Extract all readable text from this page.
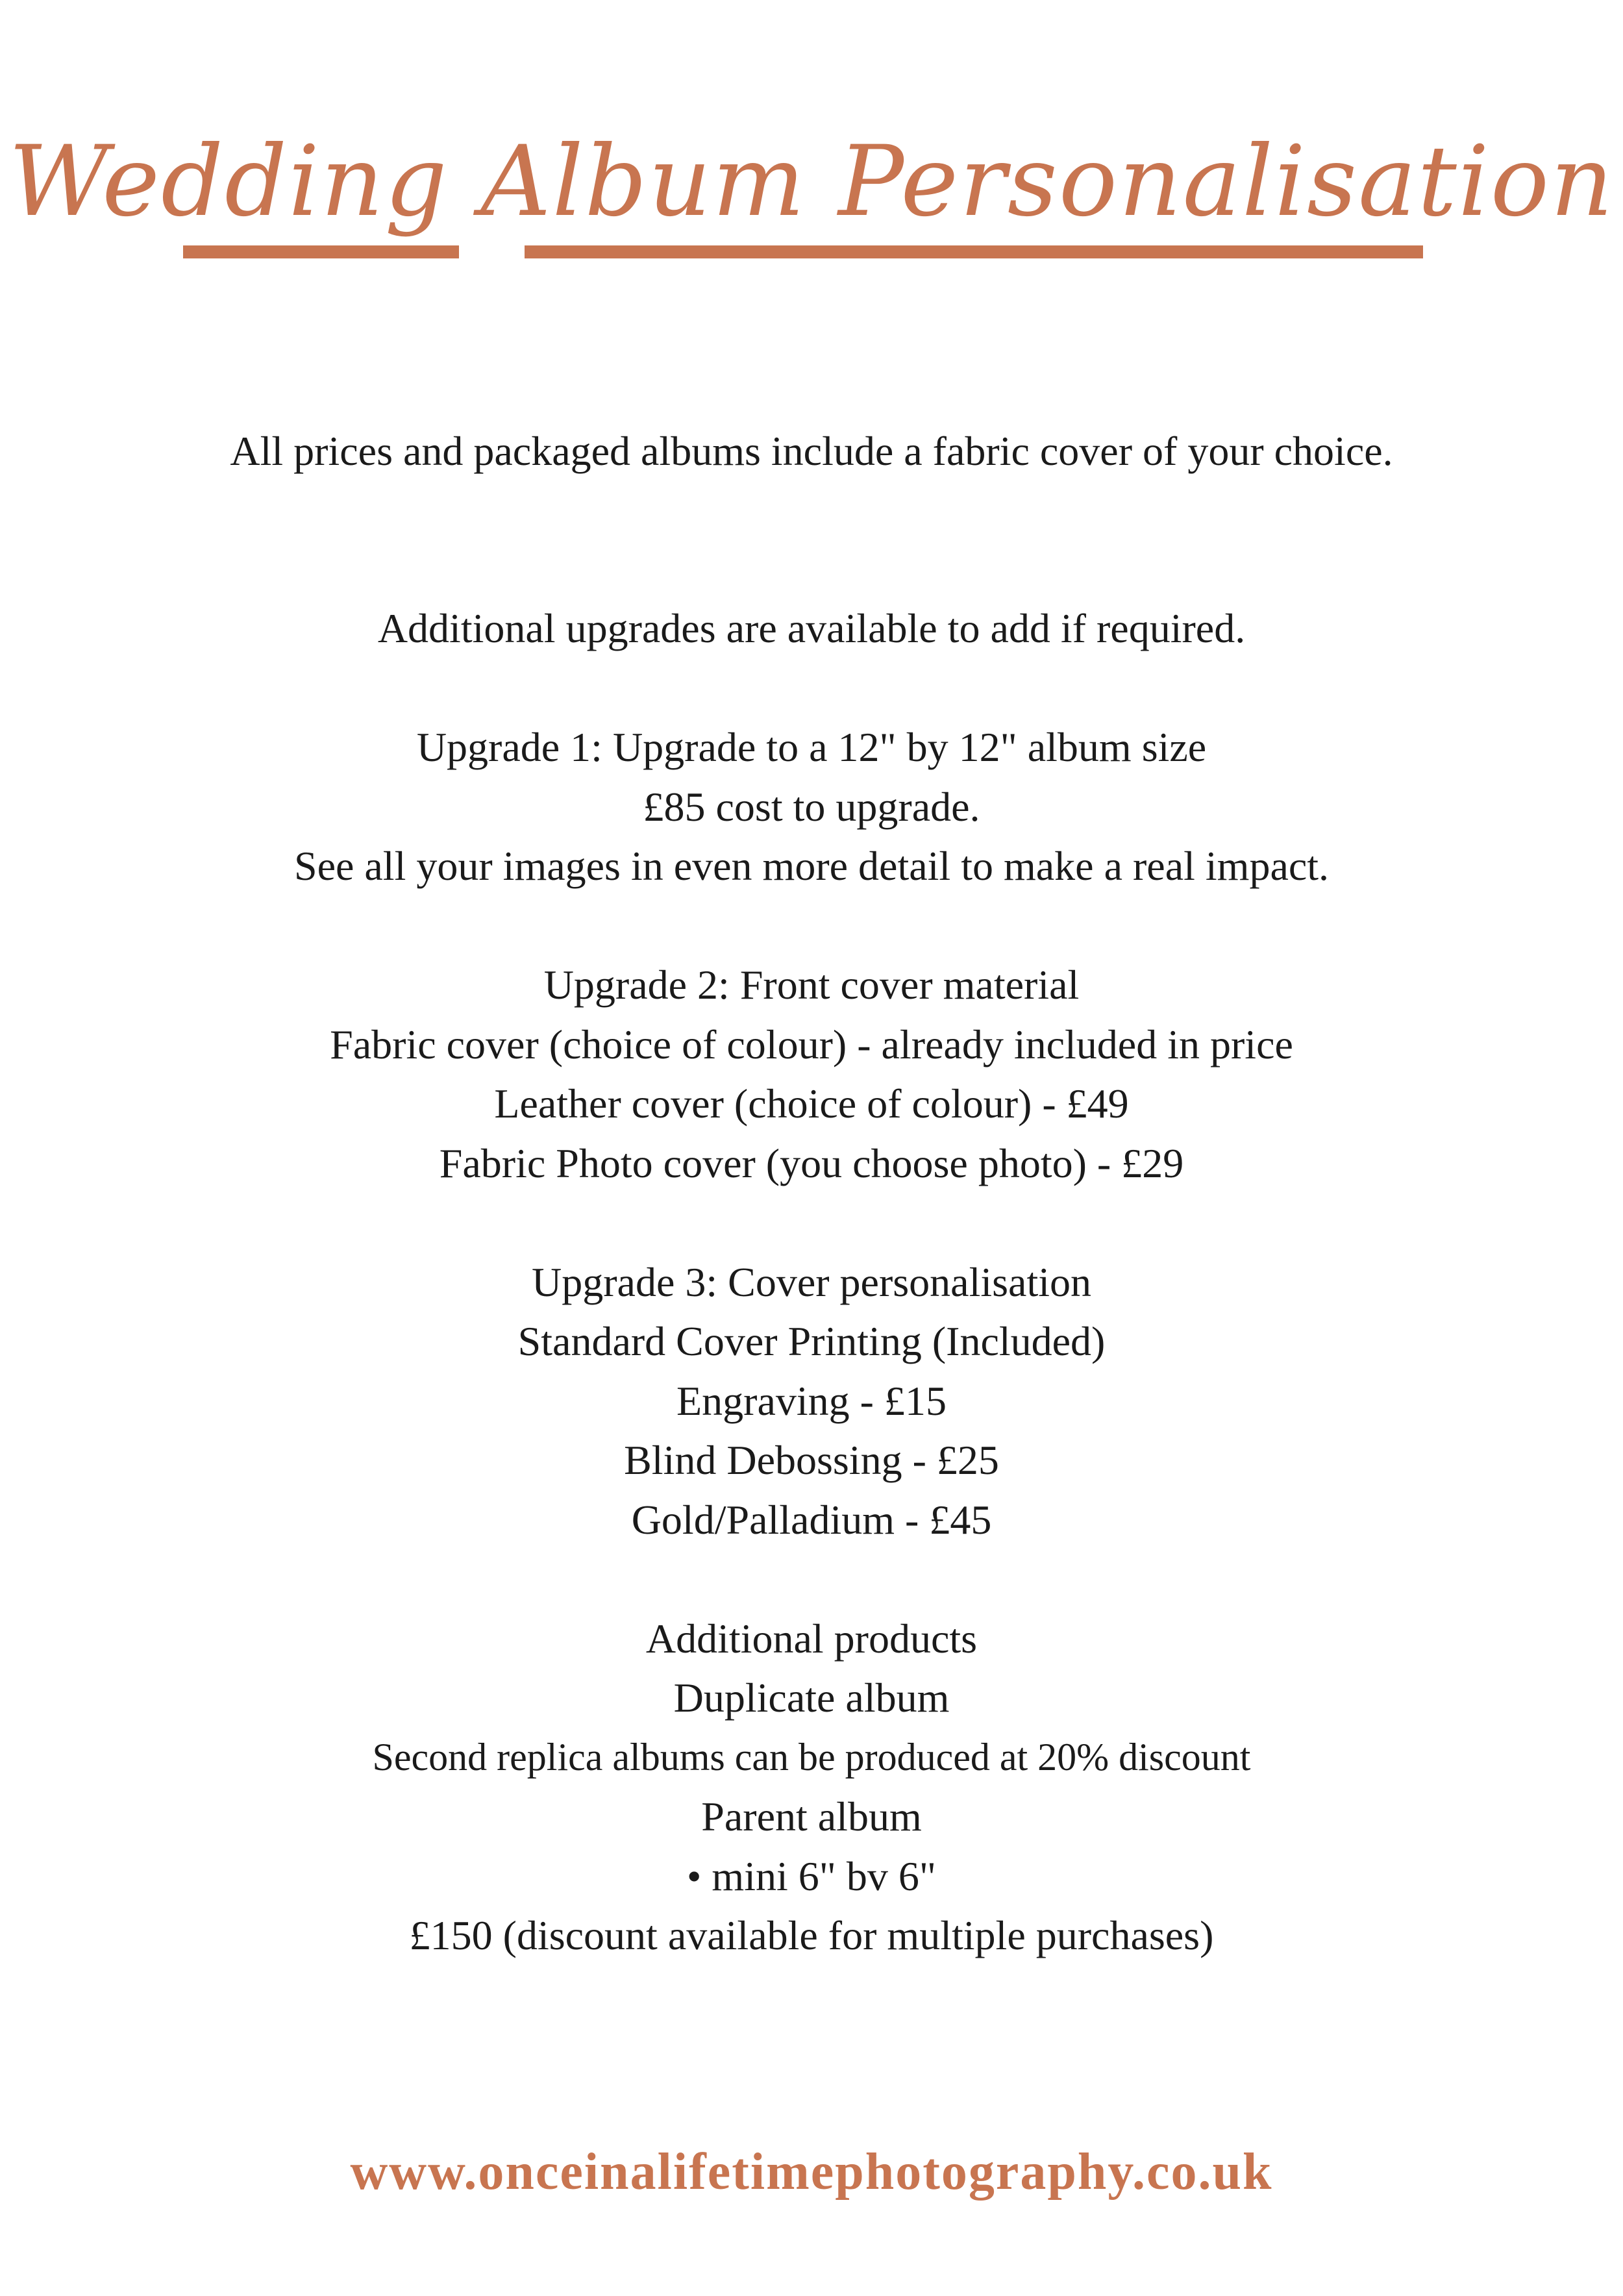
Wedding Album Personalisation
All prices and packaged albums include a fabric cover of your choice.
Additional upgrades are available to add if required.
Upgrade 1: Upgrade to a 12" by 12" album size
£85 cost to upgrade.
See all your images in even more detail to make a real impact.
Upgrade 2: Front cover material
Fabric cover (choice of colour) - already included in price
Leather cover (choice of colour) - £49
Fabric Photo cover (you choose photo) - £29
Upgrade 3: Cover personalisation
Standard Cover Printing (Included)
Engraving - £15
Blind Debossing - £25
Gold/Palladium - £45
Additional products
Duplicate album
Second replica albums can be produced at 20% discount
Parent album
• mini 6" bv 6"
£150 (discount available for multiple purchases)
www.onceinalifetimephotography.co.uk
